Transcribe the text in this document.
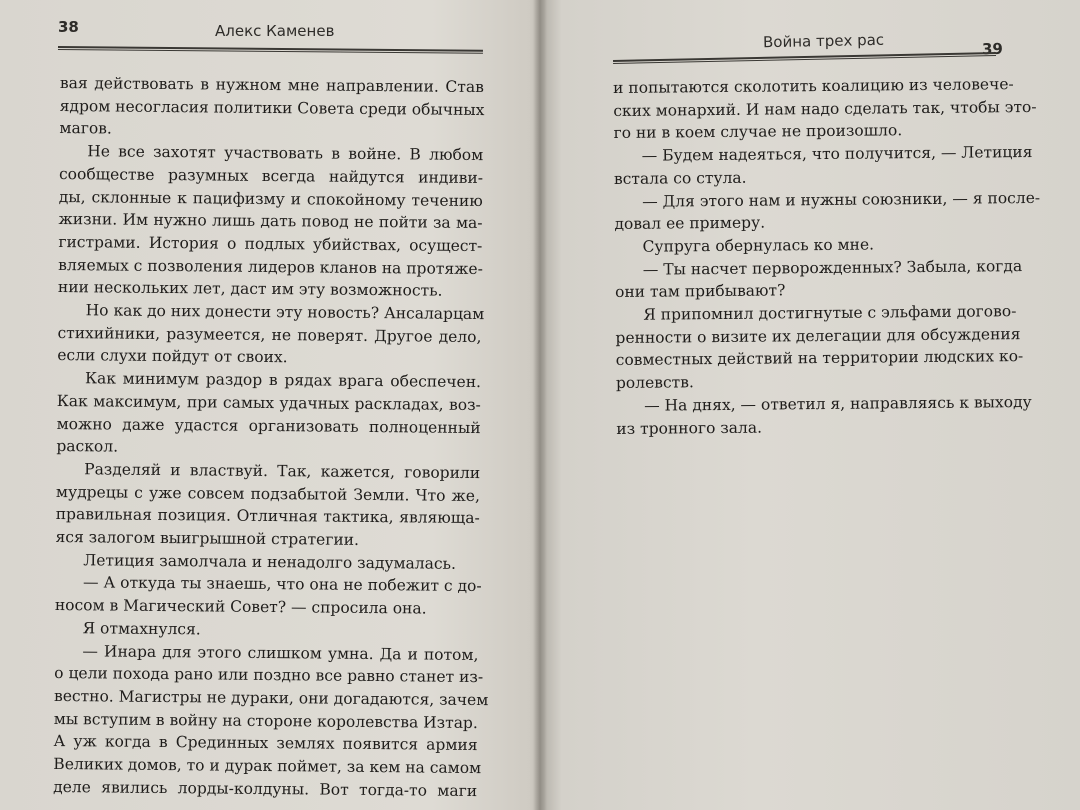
38	Алекс Каменев
вая действовать в нужном мне направлении. Став
ядром несогласия политики Совета среди обычных
магов.
Не все захотят участвовать в войне. В любом
сообществе разумных всегда найдутся индиви-
ды, склонные к пацифизму и спокойному течению
жизни. Им нужно лишь дать повод не пойти за ма-
гистрами. История о подлых убийствах, осущест-
вляемых с позволения лидеров кланов на протяже-
нии нескольких лет, даст им эту возможность.
Но как до них донести эту новость? Ансаларцам
стихийники, разумеется, не поверят. Другое дело,
если слухи пойдут от своих.
Как минимум раздор в рядах врага обеспечен.
Как максимум, при самых удачных раскладах, воз-
можно даже удастся организовать полноценный
раскол.
Разделяй и властвуй. Так, кажется, говорили
мудрецы с уже совсем подзабытой Земли. Что же,
правильная позиция. Отличная тактика, являюща-
яся залогом выигрышной стратегии.
Летиция замолчала и ненадолго задумалась.
— А откуда ты знаешь, что она не побежит с до-
носом в Магический Совет? — спросила она.
Я отмахнулся.
— Инара для этого слишком умна. Да и потом,
о цели похода рано или поздно все равно станет из-
вестно. Магистры не дураки, они догадаются, зачем
мы вступим в войну на стороне королевства Изтар.
А уж когда в Срединных землях появится армия
Великих домов, то и дурак поймет, за кем на самом
деле явились лорды-колдуны. Вот тогда-то маги
Война трех рас	39
и попытаются сколотить коалицию из человече-
ских монархий. И нам надо сделать так, чтобы это-
го ни в коем случае не произошло.
— Будем надеяться, что получится, — Летиция
встала со стула.
— Для этого нам и нужны союзники, — я после-
довал ее примеру.
Супруга обернулась ко мне.
— Ты насчет перворожденных? Забыла, когда
они там прибывают?
Я припомнил достигнутые с эльфами догово-
ренности о визите их делегации для обсуждения
совместных действий на территории людских ко-
ролевств.
— На днях, — ответил я, направляясь к выходу
из тронного зала.
